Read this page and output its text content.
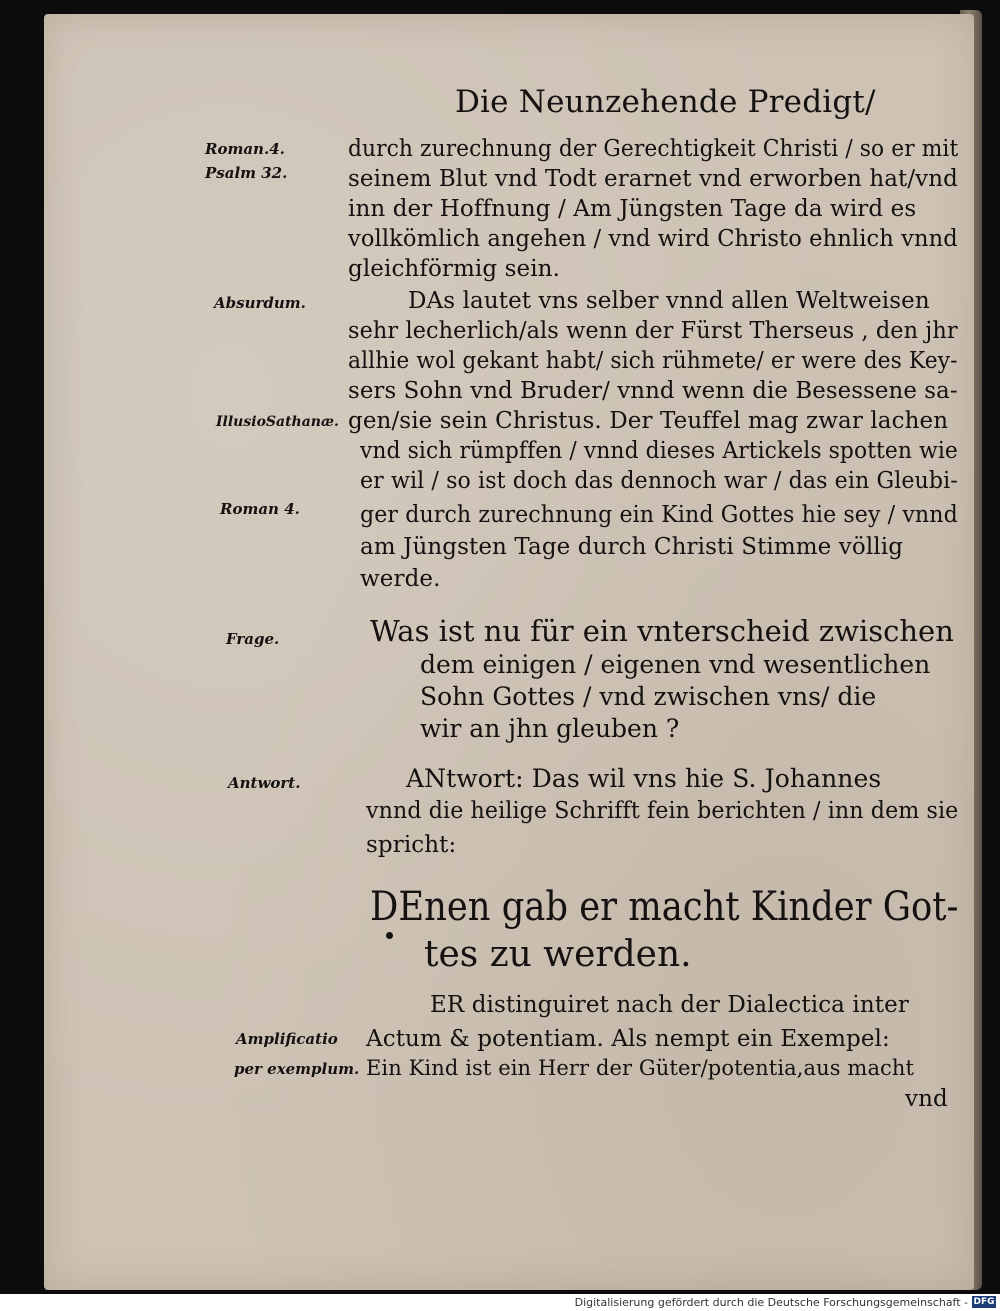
Die Neunzehende Predigt/
Roman.4.
Psalm 32.
Absurdum.
IllusioSathanæ.
Roman 4.
Frage.
Antwort.
Amplificatio
per exemplum.
durch zurechnung der Gerechtigkeit Christi / so er mit
seinem Blut vnd Todt erarnet vnd erworben hat/vnd
inn der Hoffnung / Am Jüngsten Tage da wird es
vollkömlich angehen / vnd wird Christo ehnlich vnnd
gleichförmig sein.
DAs lautet vns selber vnnd allen Weltweisen
sehr lecherlich/als wenn der Fürst Therseus , den jhr
allhie wol gekant habt/ sich rühmete/ er were des Key-
sers Sohn vnd Bruder/ vnnd wenn die Besessene sa-
gen/sie sein Christus. Der Teuffel mag zwar lachen
vnd sich rümpffen / vnnd dieses Artickels spotten wie
er wil / so ist doch das dennoch war / das ein Gleubi-
ger durch zurechnung ein Kind Gottes hie sey / vnnd
am Jüngsten Tage durch Christi Stimme völlig
werde.
Was ist nu für ein vnterscheid zwischen
dem einigen / eigenen vnd wesentlichen
Sohn Gottes / vnd zwischen vns/ die
wir an jhn gleuben ?
ANtwort: Das wil vns hie S. Johannes
vnnd die heilige Schrifft fein berichten / inn dem sie
spricht:
DEnen gab er macht Kinder Got-
tes zu werden.
ER distinguiret nach der Dialectica inter
Actum & potentiam. Als nempt ein Exempel:
Ein Kind ist ein Herr der Güter/potentia,aus macht
vnd
Digitalisierung gefördert durch die Deutsche Forschungsgemeinschaft - DFG
